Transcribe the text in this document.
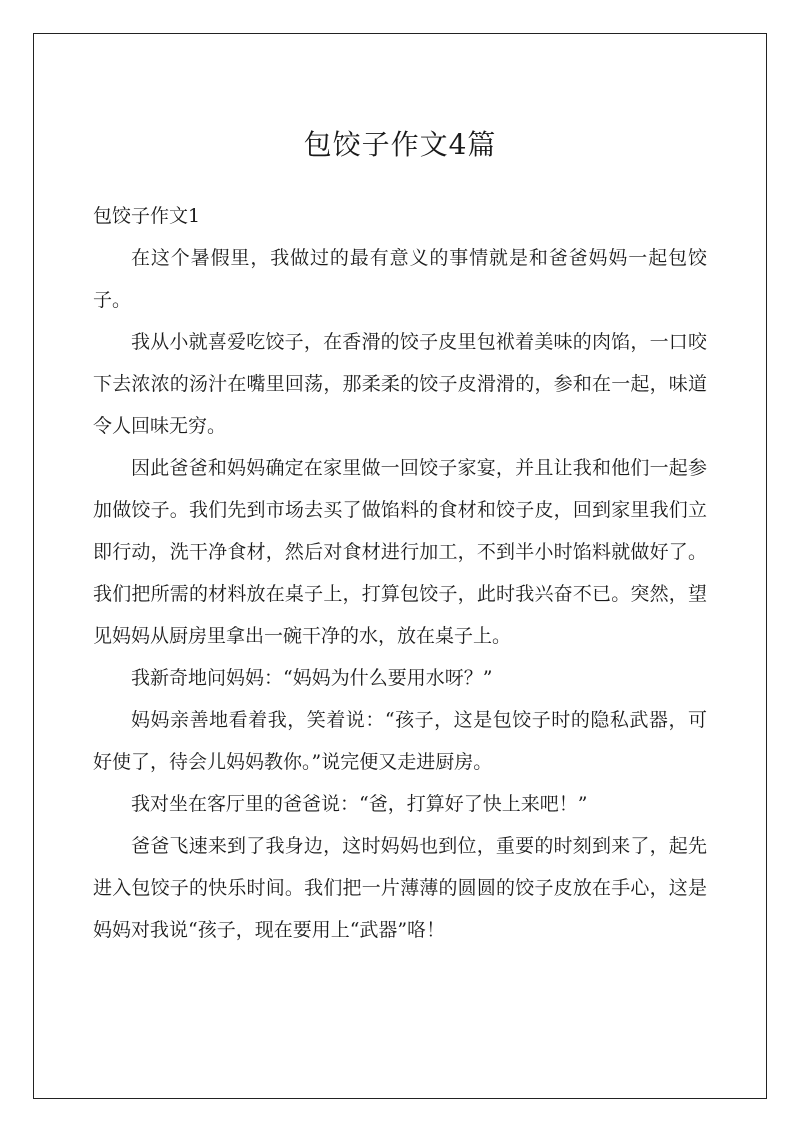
包饺子作文4篇

包饺子作文1

在这个暑假里，我做过的最有意义的事情就是和爸爸妈妈一起包饺子。

我从小就喜爱吃饺子，在香滑的饺子皮里包袱着美味的肉馅，一口咬下去浓浓的汤汁在嘴里回荡，那柔柔的饺子皮滑滑的，参和在一起，味道令人回味无穷。

因此爸爸和妈妈确定在家里做一回饺子家宴，并且让我和他们一起参加做饺子。我们先到市场去买了做馅料的食材和饺子皮，回到家里我们立即行动，洗干净食材，然后对食材进行加工，不到半小时馅料就做好了。我们把所需的材料放在桌子上，打算包饺子，此时我兴奋不已。突然，望见妈妈从厨房里拿出一碗干净的水，放在桌子上。

我新奇地问妈妈：“妈妈为什么要用水呀？”

妈妈亲善地看着我，笑着说：“孩子，这是包饺子时的隐私武器，可好使了，待会儿妈妈教你。”说完便又走进厨房。

我对坐在客厅里的爸爸说：“爸，打算好了快上来吧！”

爸爸飞速来到了我身边，这时妈妈也到位，重要的时刻到来了，起先进入包饺子的快乐时间。我们把一片薄薄的圆圆的饺子皮放在手心，这是妈妈对我说“孩子，现在要用上“武器”咯！
